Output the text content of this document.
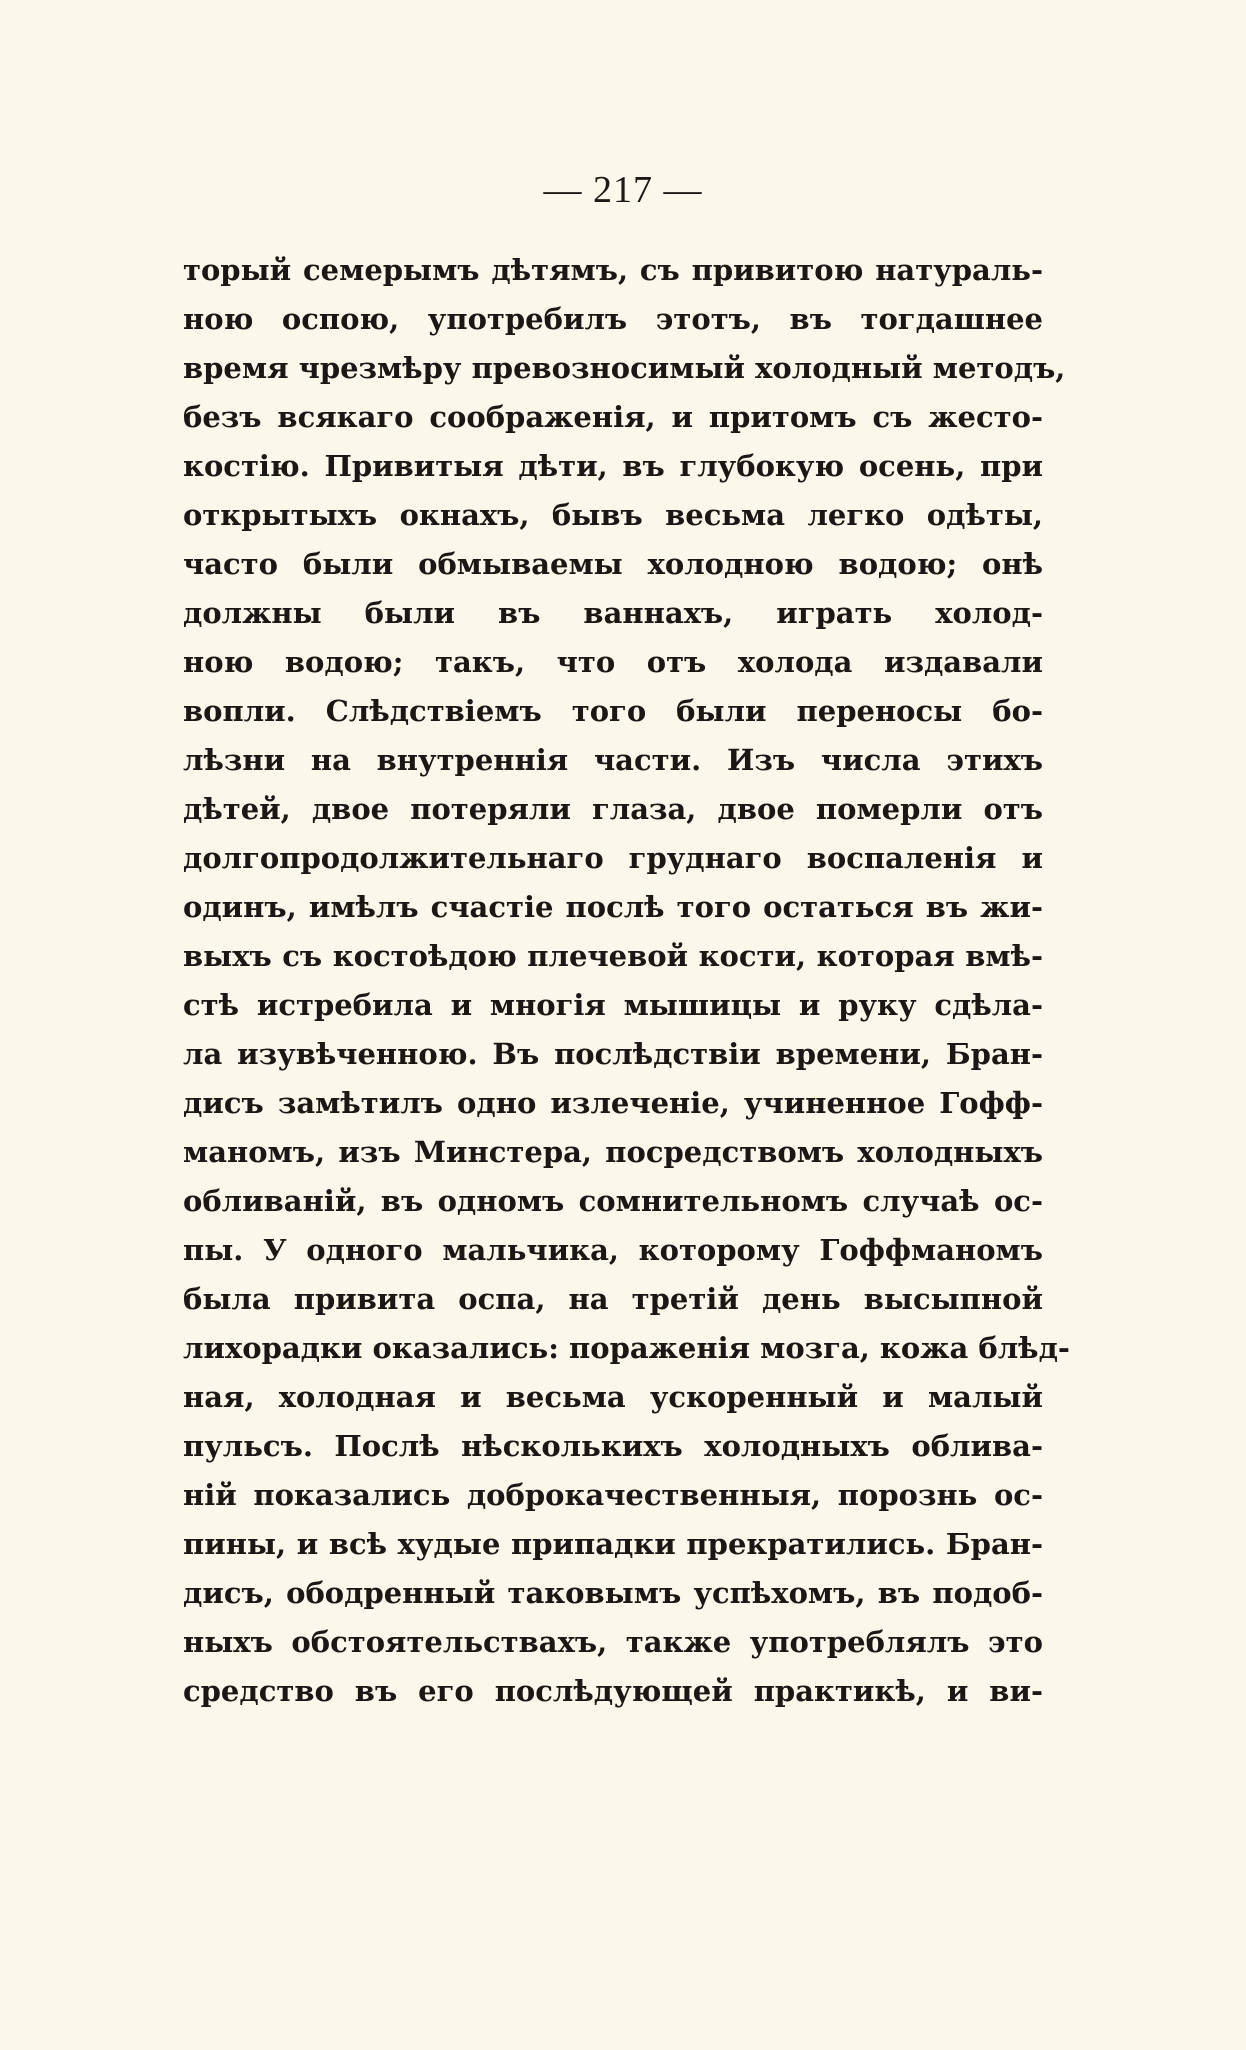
— 217 —
торый семерымъ дѣтямъ, съ привитою натураль-
ною оспою, употребилъ этотъ, въ тогдашнее
время чрезмѣру превозносимый холодный методъ,
безъ всякаго соображенія, и притомъ съ жесто-
костію. Привитыя дѣти, въ глубокую осень, при
открытыхъ окнахъ, бывъ весьма легко одѣты,
часто были обмываемы холодною водою; онѣ
должны были въ ваннахъ, играть холод-
ною водою; такъ, что отъ холода издавали
вопли. Слѣдствіемъ того были переносы бо-
лѣзни на внутреннія части. Изъ числа этихъ
дѣтей, двое потеряли глаза, двое померли отъ
долгопродолжительнаго груднаго воспаленія и
одинъ, имѣлъ счастіе послѣ того остаться въ жи-
выхъ съ костоѣдою плечевой кости, которая вмѣ-
стѣ истребила и многія мышицы и руку сдѣла-
ла изувѣченною. Въ послѣдствіи времени, Бран-
дисъ замѣтилъ одно излеченіе, учиненное Гофф-
маномъ, изъ Минстера, посредствомъ холодныхъ
обливаній, въ одномъ сомнительномъ случаѣ ос-
пы. У одного мальчика, которому Гоффманомъ
была привита оспа, на третій день высыпной
лихорадки оказались: пораженія мозга, кожа блѣд-
ная, холодная и весьма ускоренный и малый
пульсъ. Послѣ нѣсколькихъ холодныхъ облива-
ній показались доброкачественныя, порознь ос-
пины, и всѣ худые припадки прекратились. Бран-
дисъ, ободренный таковымъ успѣхомъ, въ подоб-
ныхъ обстоятельствахъ, также употреблялъ это
средство въ его послѣдующей практикѣ, и ви-
